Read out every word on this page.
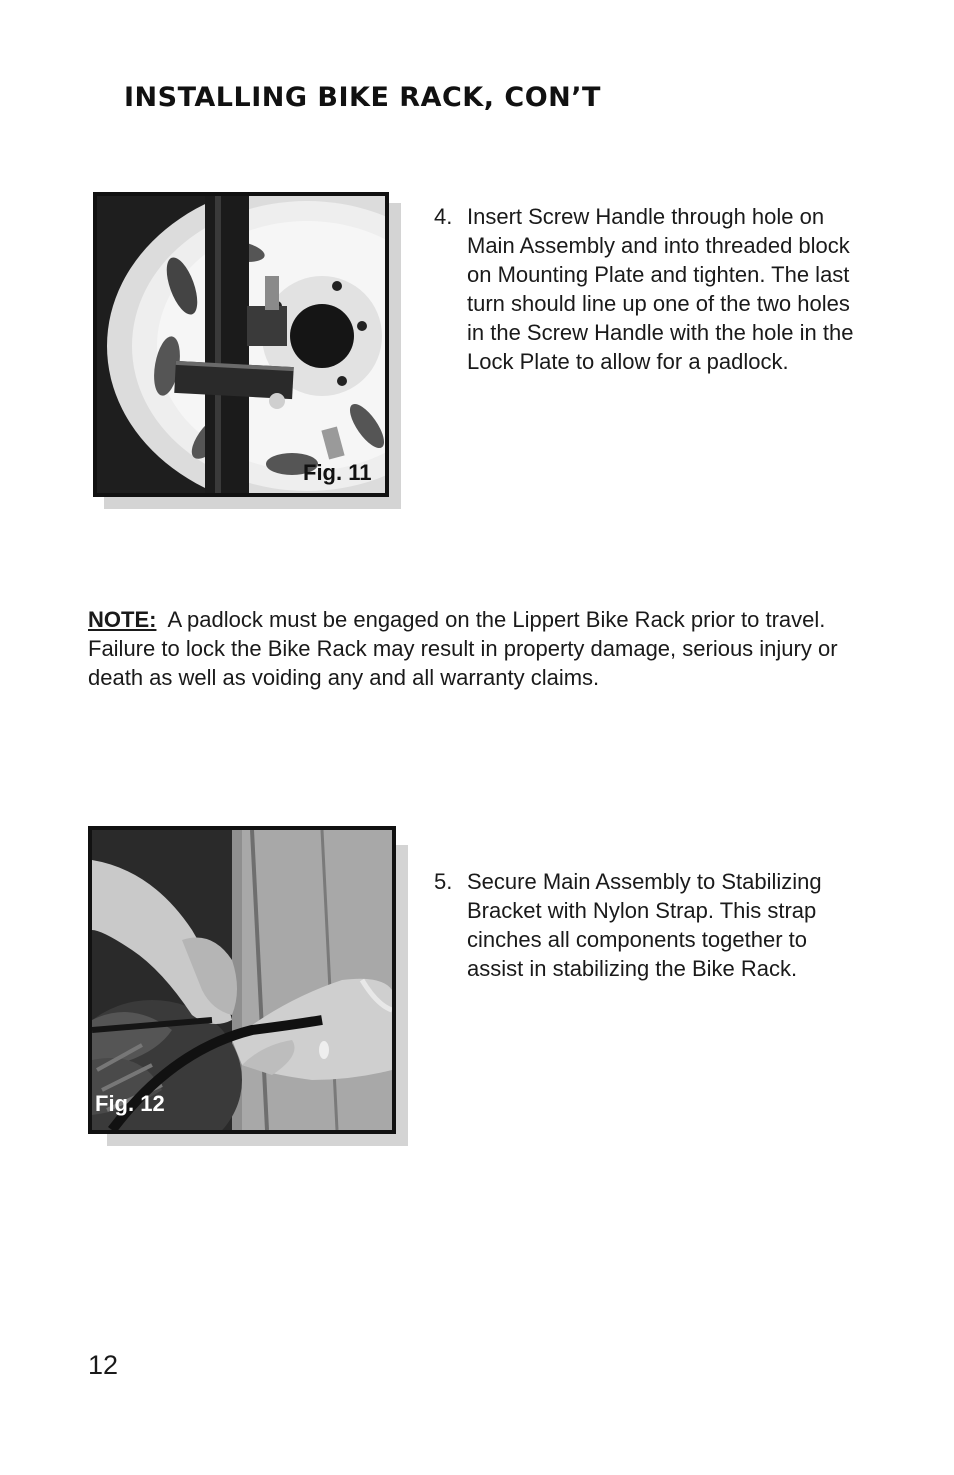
INSTALLING BIKE RACK, CON’T
Fig. 11
4. Insert Screw Handle through hole on Main Assembly and into threaded block on Mounting Plate and tighten. The last turn should line up one of the two holes in the Screw Handle with the hole in the Lock Plate to allow for a padlock.

NOTE: A padlock must be engaged on the Lippert Bike Rack prior to travel. Failure to lock the Bike Rack may result in property damage, serious injury or death as well as voiding any and all warranty claims.

Fig. 12
5. Secure Main Assembly to Stabilizing Bracket with Nylon Strap. This strap cinches all components together to assist in stabilizing the Bike Rack.
12
